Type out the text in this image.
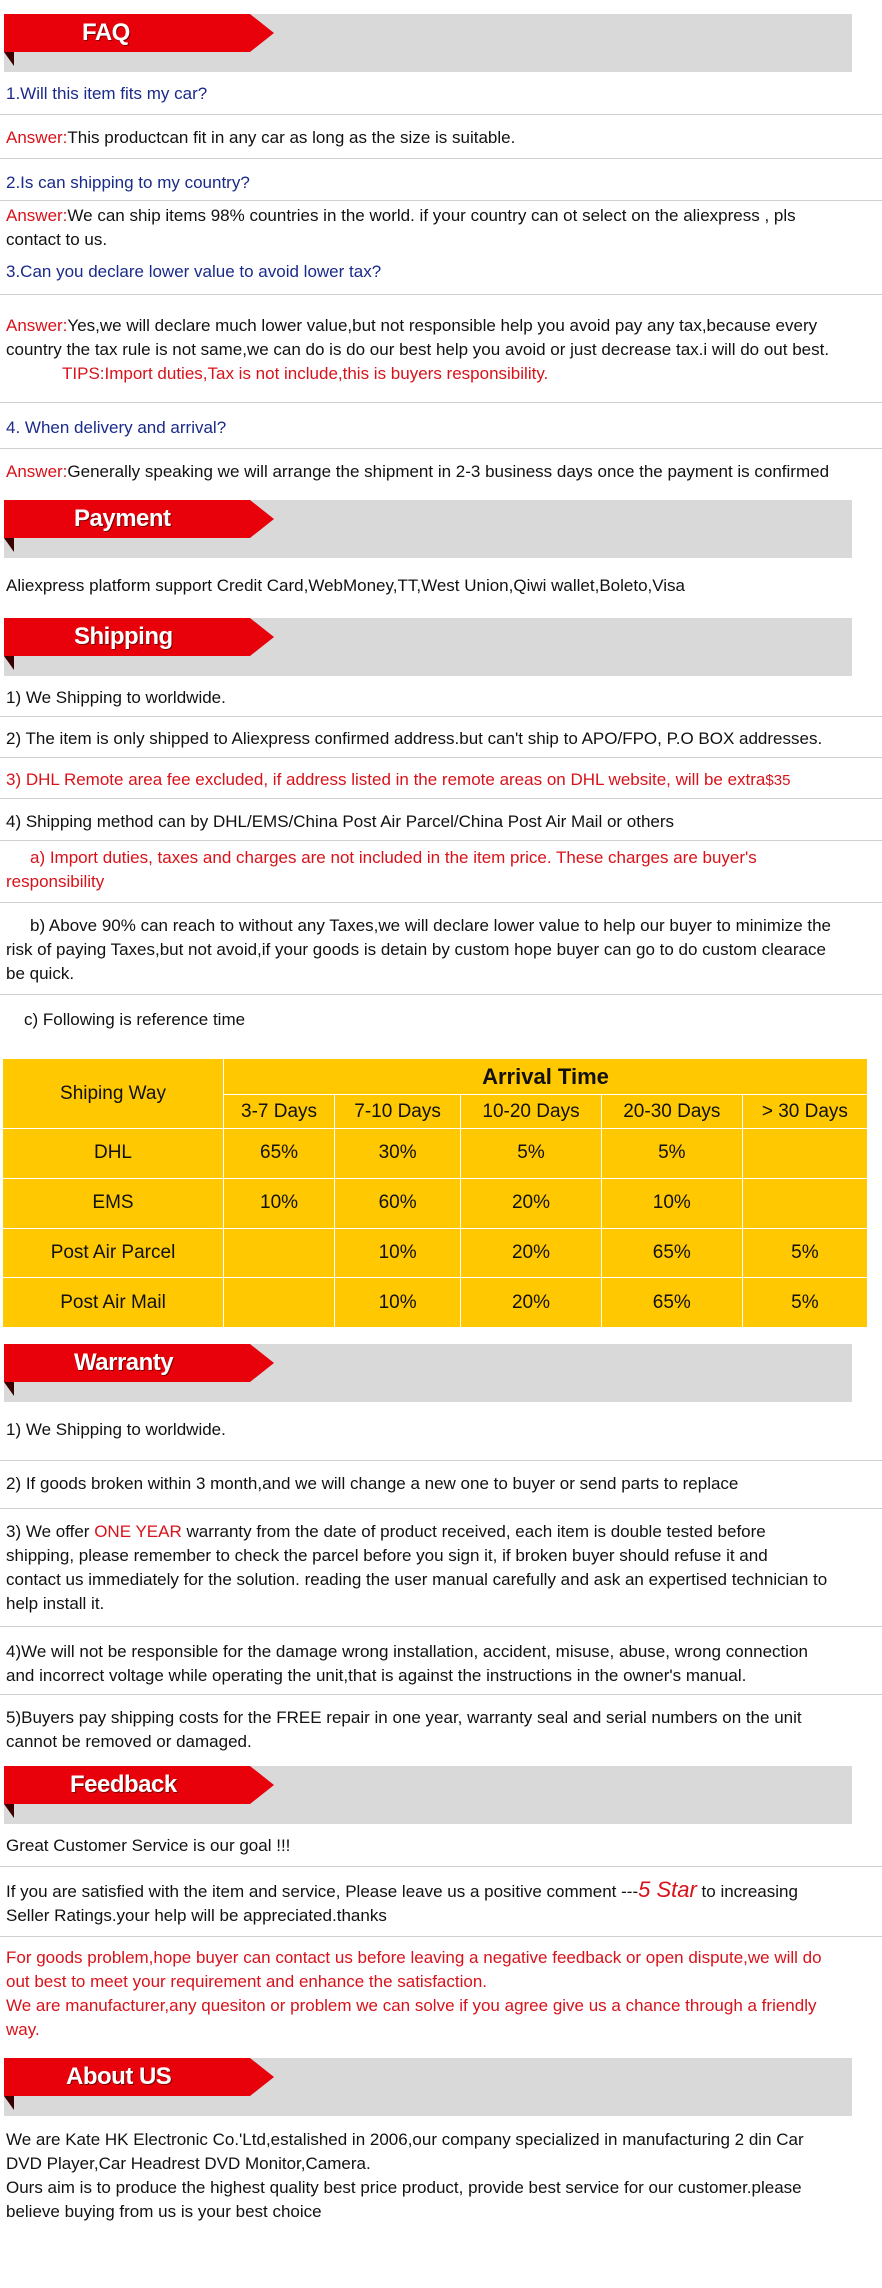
FAQ
1.Will this item fits my car?
Answer:This productcan fit in any car as long as the size is suitable.
2.Is can shipping to my country?
Answer:We can ship items 98% countries in the world. if your country can ot select on the aliexpress , pls
contact to us.
3.Can you declare lower value to avoid lower tax?
Answer:Yes,we will declare much lower value,but not responsible help you avoid pay any tax,because every
country the tax rule is not same,we can do is do our best help you avoid or just decrease tax.i will do out best.
TIPS:Import duties,Tax is not include,this is buyers responsibility.
4. When delivery and arrival?
Answer:Generally speaking we will arrange the shipment in 2-3 business days once the payment is confirmed
Payment
Aliexpress platform support Credit Card,WebMoney,TT,West Union,Qiwi wallet,Boleto,Visa
Shipping
1) We Shipping to worldwide.
2) The item is only shipped to Aliexpress confirmed address.but can't ship to APO/FPO, P.O BOX addresses.
3) DHL Remote area fee excluded, if address listed in the remote areas on DHL website, will be extra$35
4) Shipping method can by DHL/EMS/China Post Air Parcel/China Post Air Mail or others
a) Import duties, taxes and charges are not included in the item price. These charges are buyer's
responsibility
b) Above 90% can reach to without any Taxes,we will declare lower value to help our buyer to minimize the
risk of paying Taxes,but not avoid,if your goods is detain by custom hope buyer can go to do custom clearace
be quick.
c) Following is reference time
Shiping Way	Arrival Time				
	3-7 Days	7-10 Days	10-20 Days	20-30 Days	> 30 Days
DHL	65%	30%	5%	5%	
EMS	10%	60%	20%	10%	
Post Air Parcel		10%	20%	65%	5%
Post Air Mail		10%	20%	65%	5%
Warranty
1) We Shipping to worldwide.
2) If goods broken within 3 month,and we will change a new one to buyer or send parts to replace
3) We offer ONE YEAR warranty from the date of product received, each item is double tested before
shipping, please remember to check the parcel before you sign it, if broken buyer should refuse it and
contact us immediately for the solution. reading the user manual carefully and ask an expertised technician to
help install it.
4)We will not be responsible for the damage wrong installation, accident, misuse, abuse, wrong connection
and incorrect voltage while operating the unit,that is against the instructions in the owner's manual.
5)Buyers pay shipping costs for the FREE repair in one year, warranty seal and serial numbers on the unit
cannot be removed or damaged.
Feedback
Great Customer Service is our goal !!!
If you are satisfied with the item and service, Please leave us a positive comment ---5 Star to increasing
Seller Ratings.your help will be appreciated.thanks
For goods problem,hope buyer can contact us before leaving a negative feedback or open dispute,we will do
out best to meet your requirement and enhance the satisfaction.
We are manufacturer,any quesiton or problem we can solve if you agree give us a chance through a friendly
way.
About US
We are Kate HK Electronic Co.'Ltd,estalished in 2006,our company specialized in manufacturing 2 din Car
DVD Player,Car Headrest DVD Monitor,Camera.
Ours aim is to produce the highest quality best price product, provide best service for our customer.please
believe buying from us is your best choice
